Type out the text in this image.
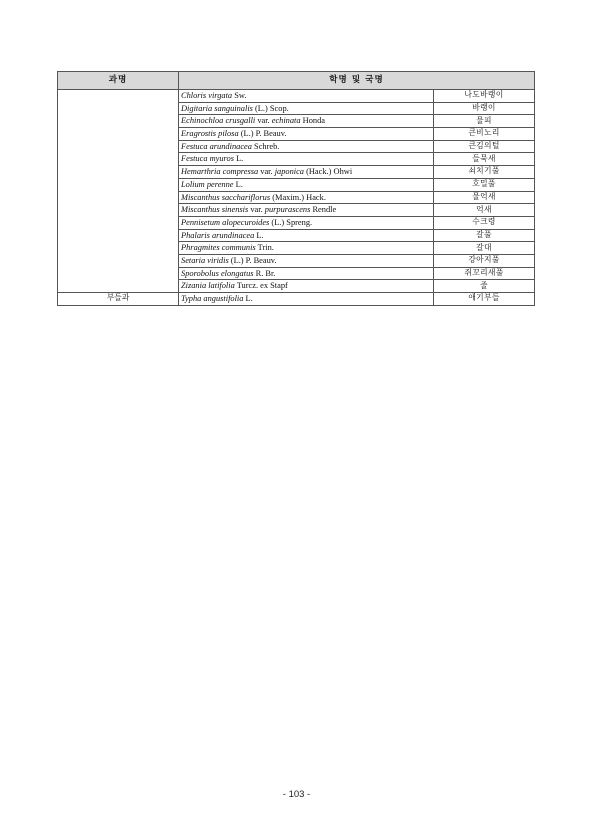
과명	학명 및 국명	
	Chloris virgata Sw.	나도바랭이
	Digitaria sanguinalis (L.) Scop.	바랭이
	Echinochloa crusgalli var. echinata Honda	물피
	Eragrostis pilosa (L.) P. Beauv.	큰비노리
	Festuca arundinacea Schreb.	큰김의털
	Festuca myuros L.	들묵새
	Hemarthria compressa var. japonica (Hack.) Ohwi	쇠치기풀
	Lolium perenne L.	호밀풀
	Miscanthus sacchariflorus (Maxim.) Hack.	물억새
	Miscanthus sinensis var. purpurascens Rendle	억새
	Pennisetum alopecuroides (L.) Spreng.	수크령
	Phalaris arundinacea L.	갈풀
	Phragmites communis Trin.	갈대
	Setaria viridis (L.) P. Beauv.	강아지풀
	Sporobolus elongatus R. Br.	쥐꼬리새풀
	Zizania latifolia Turcz. ex Stapf	줄
부들과	Typha angustifolia L.	애기부들
- 103 -
